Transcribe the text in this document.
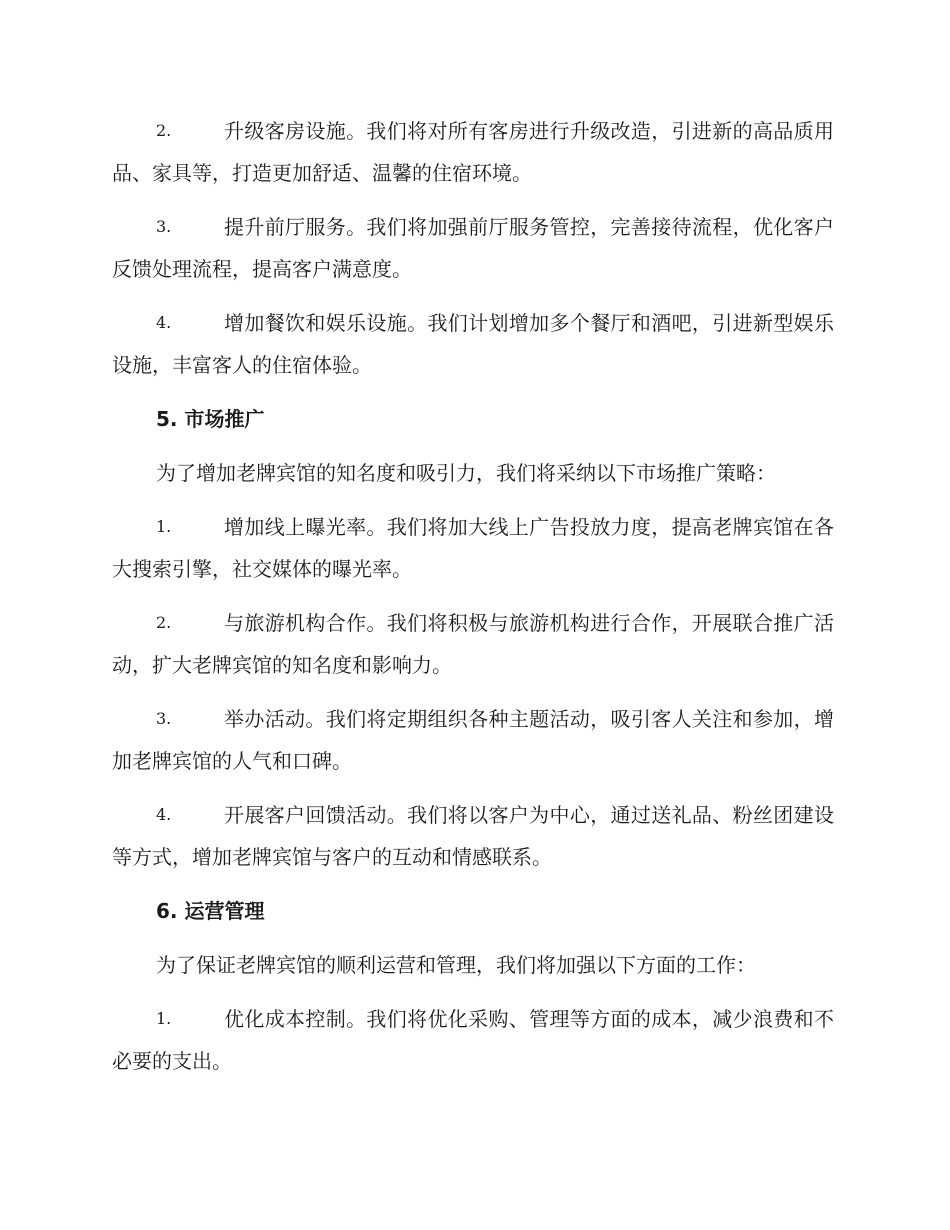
2.	升级客房设施。我们将对所有客房进行升级改造，引进新的高品质用品、家具等，打造更加舒适、温馨的住宿环境。
3.	提升前厅服务。我们将加强前厅服务管控，完善接待流程，优化客户反馈处理流程，提高客户满意度。
4.	增加餐饮和娱乐设施。我们计划增加多个餐厅和酒吧，引进新型娱乐设施，丰富客人的住宿体验。
5. 市场推广
为了增加老牌宾馆的知名度和吸引力，我们将采纳以下市场推广策略：
1.	增加线上曝光率。我们将加大线上广告投放力度，提高老牌宾馆在各大搜索引擎，社交媒体的曝光率。
2.	与旅游机构合作。我们将积极与旅游机构进行合作，开展联合推广活动，扩大老牌宾馆的知名度和影响力。
3.	举办活动。我们将定期组织各种主题活动，吸引客人关注和参加，增加老牌宾馆的人气和口碑。
4.	开展客户回馈活动。我们将以客户为中心，通过送礼品、粉丝团建设等方式，增加老牌宾馆与客户的互动和情感联系。
6. 运营管理
为了保证老牌宾馆的顺利运营和管理，我们将加强以下方面的工作：
1.	优化成本控制。我们将优化采购、管理等方面的成本，减少浪费和不必要的支出。
